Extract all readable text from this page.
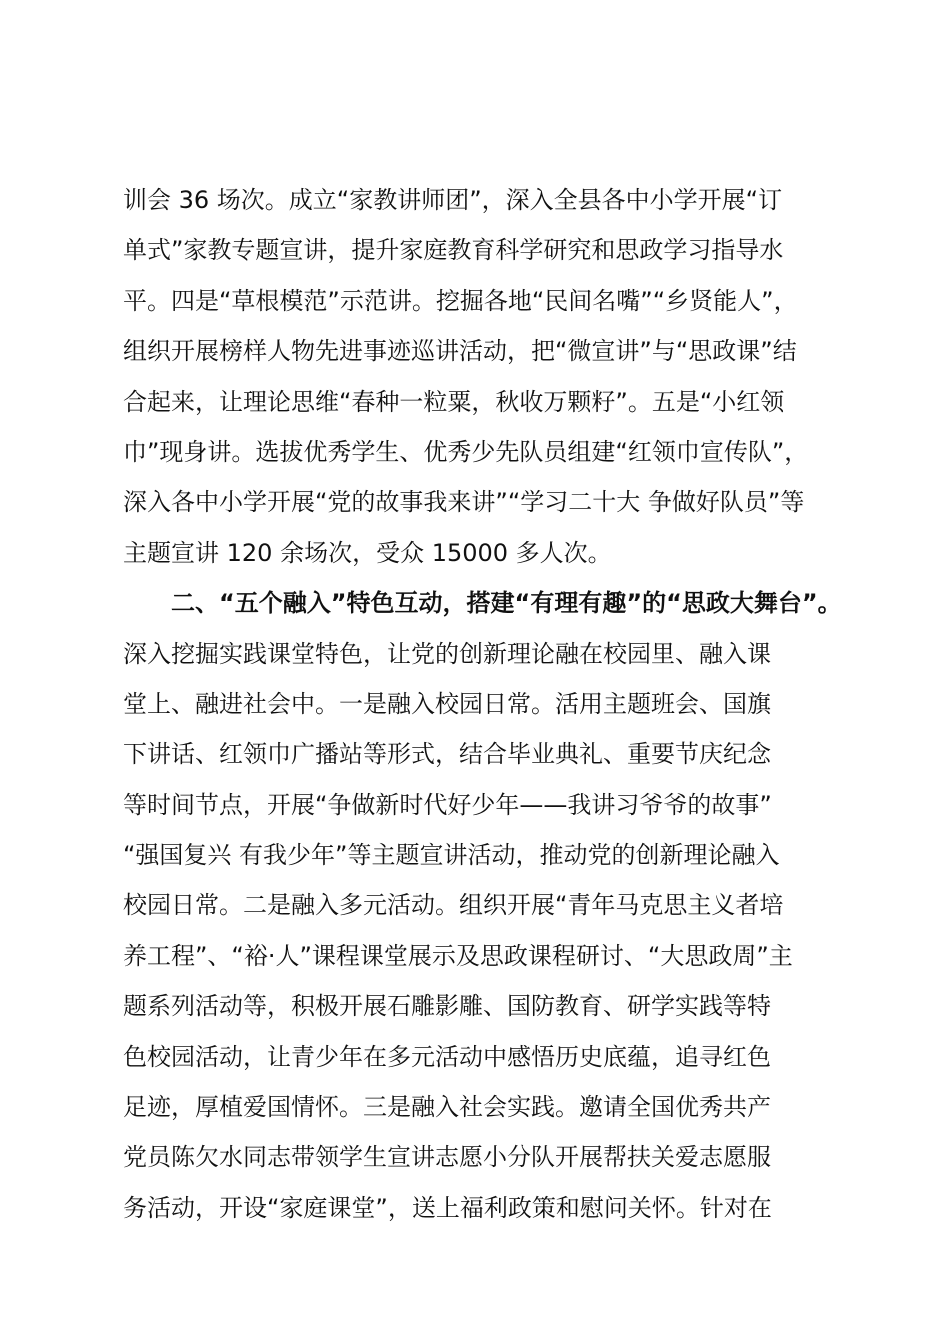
训会 36 场次。成立“家教讲师团”，深入全县各中小学开展“订
单式”家教专题宣讲，提升家庭教育科学研究和思政学习指导水
平。四是“草根模范”示范讲。挖掘各地“民间名嘴”“乡贤能人”，
组织开展榜样人物先进事迹巡讲活动，把“微宣讲”与“思政课”结
合起来，让理论思维“春种一粒粟，秋收万颗籽”。五是“小红领
巾”现身讲。选拔优秀学生、优秀少先队员组建“红领巾宣传队”，
深入各中小学开展“党的故事我来讲”“学习二十大 争做好队员”等
主题宣讲 120 余场次，受众 15000 多人次。
　　二、“五个融入”特色互动，搭建“有理有趣”的“思政大舞台”。
深入挖掘实践课堂特色，让党的创新理论融在校园里、融入课
堂上、融进社会中。一是融入校园日常。活用主题班会、国旗
下讲话、红领巾广播站等形式，结合毕业典礼、重要节庆纪念
等时间节点，开展“争做新时代好少年——我讲习爷爷的故事”
“强国复兴 有我少年”等主题宣讲活动，推动党的创新理论融入
校园日常。二是融入多元活动。组织开展“青年马克思主义者培
养工程”、“裕·人”课程课堂展示及思政课程研讨、“大思政周”主
题系列活动等，积极开展石雕影雕、国防教育、研学实践等特
色校园活动，让青少年在多元活动中感悟历史底蕴，追寻红色
足迹，厚植爱国情怀。三是融入社会实践。邀请全国优秀共产
党员陈欠水同志带领学生宣讲志愿小分队开展帮扶关爱志愿服
务活动，开设“家庭课堂”，送上福利政策和慰问关怀。针对在
